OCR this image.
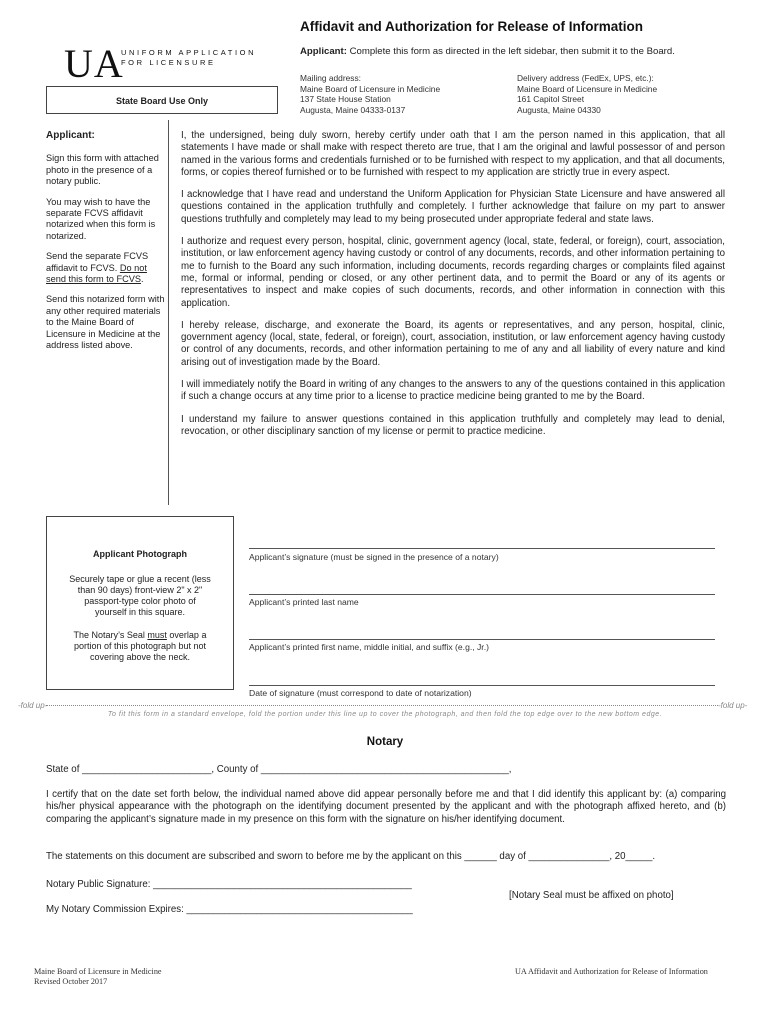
UA
UNIFORM APPLICATION
FOR LICENSURE
Affidavit and Authorization for Release of Information
Applicant: Complete this form as directed in the left sidebar, then submit it to the Board.
Mailing address:
Maine Board of Licensure in Medicine
137 State House Station
Augusta, Maine 04333-0137
Delivery address (FedEx, UPS, etc.):
Maine Board of Licensure in Medicine
161 Capitol Street
Augusta, Maine 04330
State Board Use Only

Applicant:

Sign this form with attached photo in the presence of a notary public.

You may wish to have the separate FCVS affidavit notarized when this form is notarized.

Send the separate FCVS affidavit to FCVS. Do not send this form to FCVS.

Send this notarized form with any other required materials to the Maine Board of Licensure in Medicine at the address listed above.

I, the undersigned, being duly sworn, hereby certify under oath that I am the person named in this application, that all statements I have made or shall make with respect thereto are true, that I am the original and lawful possessor of and person named in the various forms and credentials furnished or to be furnished with respect to my application, and that all documents, forms, or copies thereof furnished or to be furnished with respect to my application are strictly true in every aspect.

I acknowledge that I have read and understand the Uniform Application for Physician State Licensure and have answered all questions contained in the application truthfully and completely. I further acknowledge that failure on my part to answer questions truthfully and completely may lead to my being prosecuted under appropriate federal and state laws.

I authorize and request every person, hospital, clinic, government agency (local, state, federal, or foreign), court, association, institution, or law enforcement agency having custody or control of any documents, records, and other information pertaining to me to furnish to the Board any such information, including documents, records regarding charges or complaints filed against me, formal or informal, pending or closed, or any other pertinent data, and to permit the Board or any of its agents or representatives to inspect and make copies of such documents, records, and other information in connection with this application.

I hereby release, discharge, and exonerate the Board, its agents or representatives, and any person, hospital, clinic, government agency (local, state, federal, or foreign), court, association, institution, or law enforcement agency having custody or control of any documents, records, and other information pertaining to me of any and all liability of every nature and kind arising out of investigation made by the Board.

I will immediately notify the Board in writing of any changes to the answers to any of the questions contained in this application if such a change occurs at any time prior to a license to practice medicine being granted to me by the Board.

I understand my failure to answer questions contained in this application truthfully and completely may lead to denial, revocation, or other disciplinary sanction of my license or permit to practice medicine.

Applicant Photograph

Securely tape or glue a recent (less than 90 days) front-view 2" x 2" passport-type color photo of yourself in this square.

The Notary’s Seal must overlap a portion of this photograph but not covering above the neck.

Applicant’s signature (must be signed in the presence of a notary)
Applicant’s printed last name
Applicant’s printed first name, middle initial, and suffix (e.g., Jr.)
Date of signature (must correspond to date of notarization)
-fold up-	-fold up-
To fit this form in a standard envelope, fold the portion under this line up to cover the photograph, and then fold the top edge over to the new bottom edge.
Notary
State of ________________________, County of ______________________________________________,
I certify that on the date set forth below, the individual named above did appear personally before me and that I did identify this applicant by: (a) comparing his/her physical appearance with the photograph on the identifying document presented by the applicant and with the photograph affixed hereto, and (b) comparing the applicant’s signature made in my presence on this form with the signature on his/her identifying document.
The statements on this document are subscribed and sworn to before me by the applicant on this ______ day of _______________, 20_____.
Notary Public Signature: ________________________________________________
[Notary Seal must be affixed on photo]
My Notary Commission Expires: __________________________________________
Maine Board of Licensure in Medicine
Revised October 2017
UA Affidavit and Authorization for Release of Information
